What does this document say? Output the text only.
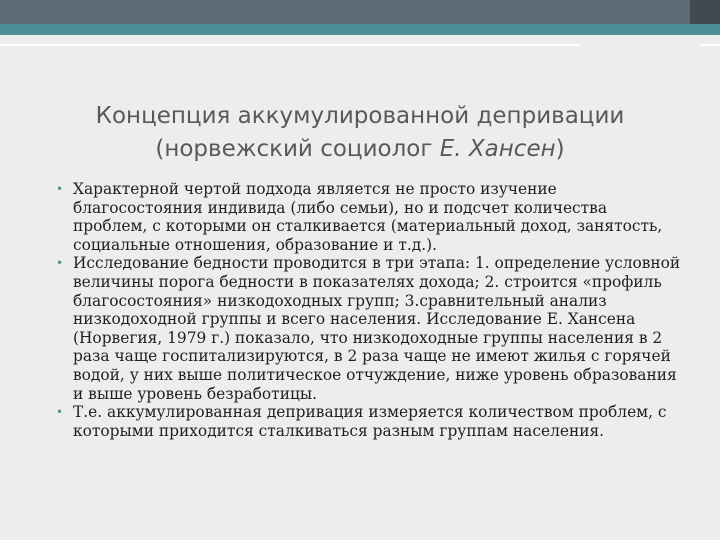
Концепция аккумулированной депривации
(норвежский социолог Е. Хансен)
• Характерной чертой подхода является не просто изучение благосостояния индивида (либо семьи), но и подсчет количества проблем, с которыми он сталкивается (материальный доход, занятость, социальные отношения, образование и т.д.).
• Исследование бедности проводится в три этапа: 1. определение условной величины порога бедности в показателях дохода; 2. строится «профиль благосостояния» низкодоходных групп; 3.сравнительный анализ низкодоходной группы и всего населения. Исследование Е. Хансена (Норвегия, 1979 г.) показало, что низкодоходные группы населения в 2 раза чаще госпитализируются, в 2 раза чаще не имеют жилья с горячей водой, у них выше политическое отчуждение, ниже уровень образования и выше уровень безработицы.
• Т.е. аккумулированная депривация измеряется количеством проблем, с которыми приходится сталкиваться разным группам населения.
